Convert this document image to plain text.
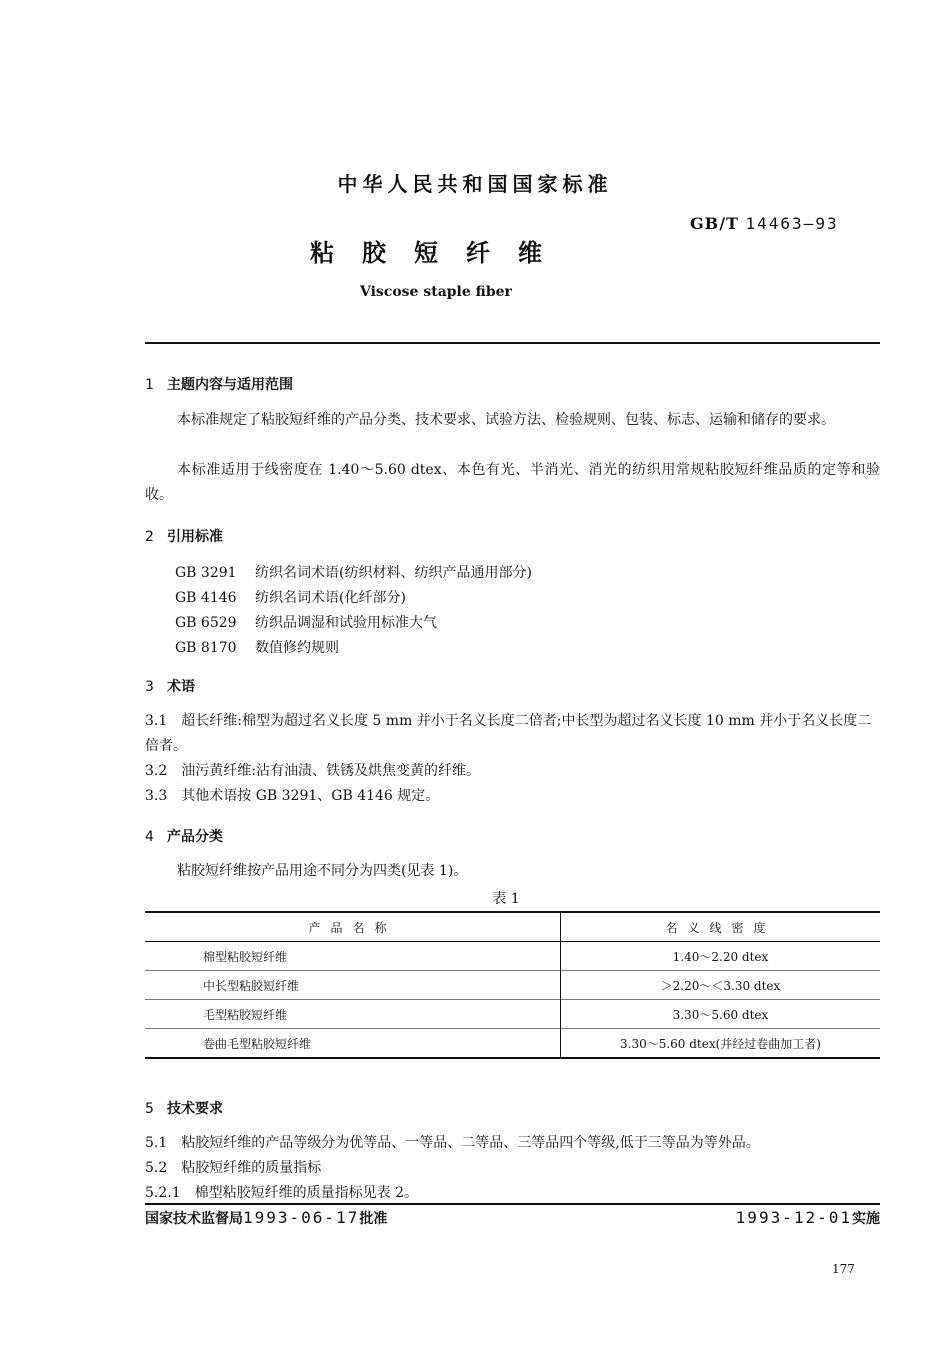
中华人民共和国国家标准
GB/T 14463—93
粘胶短纤维
Viscose staple fiber
1 主题内容与适用范围
本标准规定了粘胶短纤维的产品分类、技术要求、试验方法、检验规则、包装、标志、运输和储存的要求。
本标准适用于线密度在 1.40～5.60 dtex、本色有光、半消光、消光的纺织用常规粘胶短纤维品质的定等和验收。
2 引用标准
GB 3291 纺织名词术语(纺织材料、纺织产品通用部分)
GB 4146 纺织名词术语(化纤部分)
GB 6529 纺织品调湿和试验用标准大气
GB 8170 数值修约规则
3 术语
3.1　超长纤维:棉型为超过名义长度 5 mm 并小于名义长度二倍者;中长型为超过名义长度 10 mm 并小于名义长度二倍者。
3.2　油污黄纤维:沾有油渍、铁锈及烘焦变黄的纤维。
3.3　其他术语按 GB 3291、GB 4146 规定。
4 产品分类
粘胶短纤维按产品用途不同分为四类(见表 1)。
表 1
产品名称	名义线密度
棉型粘胶短纤维	1.40～2.20 dtex
中长型粘胶短纤维	＞2.20～＜3.30 dtex
毛型粘胶短纤维	3.30～5.60 dtex
卷曲毛型粘胶短纤维	3.30～5.60 dtex(并经过卷曲加工者)
5 技术要求
5.1　粘胶短纤维的产品等级分为优等品、一等品、二等品、三等品四个等级,低于三等品为等外品。
5.2　粘胶短纤维的质量指标
5.2.1　棉型粘胶短纤维的质量指标见表 2。
国家技术监督局1993-06-17批准	1993-12-01实施
177
